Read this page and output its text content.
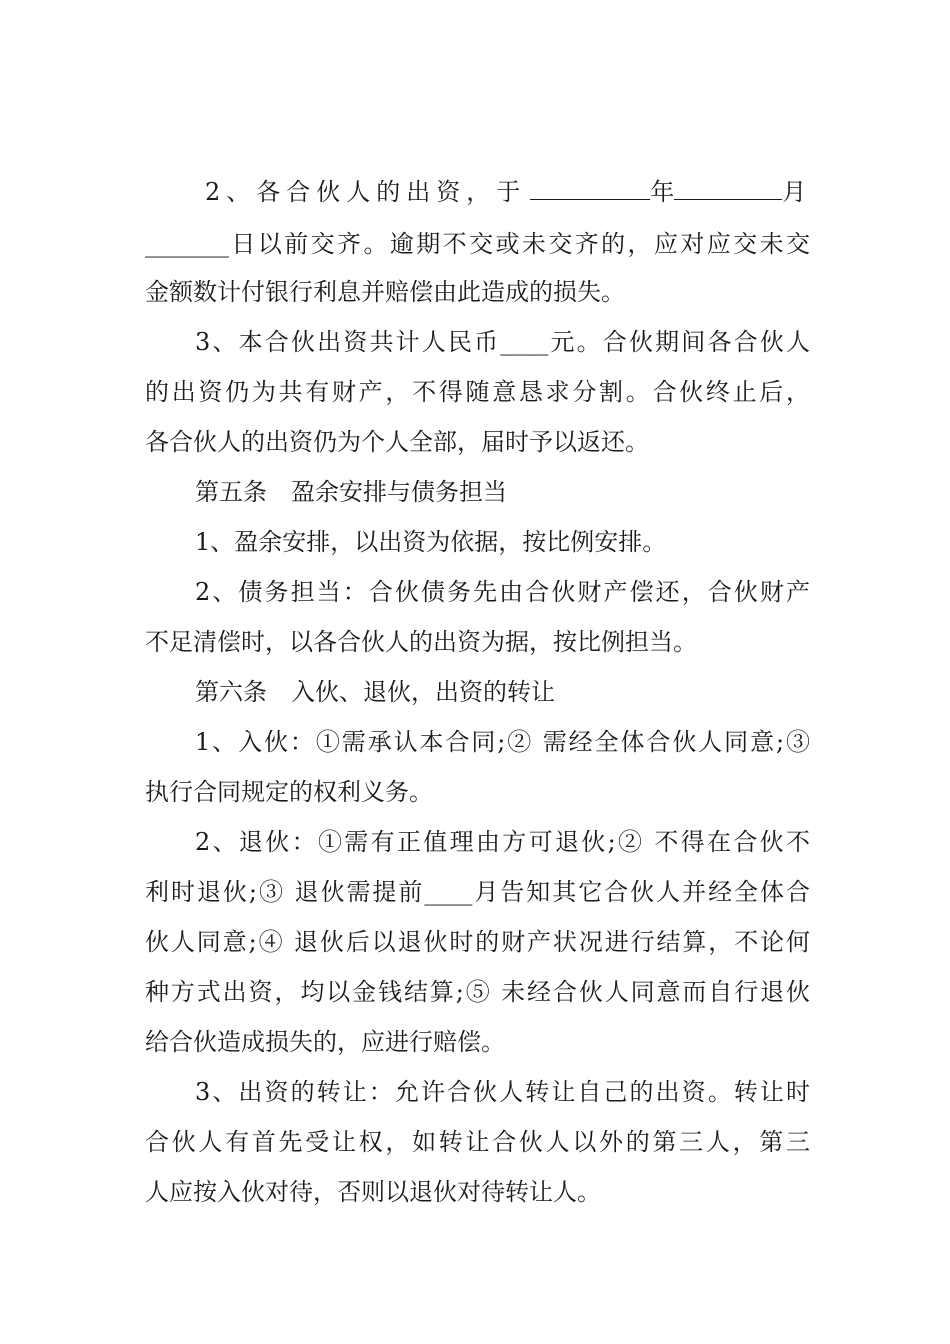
2、各合伙人的出资，于	年	月
_______日以前交齐。逾期不交或未交齐的，应对应交未交
金额数计付银行利息并赔偿由此造成的损失。
3、本合伙出资共计人民币____元。合伙期间各合伙人
的出资仍为共有财产，不得随意恳求分割。合伙终止后，
各合伙人的出资仍为个人全部，届时予以返还。
第五条　盈余安排与债务担当
1、盈余安排，以出资为依据，按比例安排。
2、债务担当：合伙债务先由合伙财产偿还，合伙财产
不足清偿时，以各合伙人的出资为据，按比例担当。
第六条　入伙、退伙，出资的转让
1、入伙：①需承认本合同;② 需经全体合伙人同意;③
执行合同规定的权利义务。
2、退伙：①需有正值理由方可退伙;② 不得在合伙不
利时退伙;③ 退伙需提前____月告知其它合伙人并经全体合
伙人同意;④ 退伙后以退伙时的财产状况进行结算，不论何
种方式出资，均以金钱结算;⑤ 未经合伙人同意而自行退伙
给合伙造成损失的，应进行赔偿。
3、出资的转让：允许合伙人转让自己的出资。转让时
合伙人有首先受让权，如转让合伙人以外的第三人，第三
人应按入伙对待，否则以退伙对待转让人。
